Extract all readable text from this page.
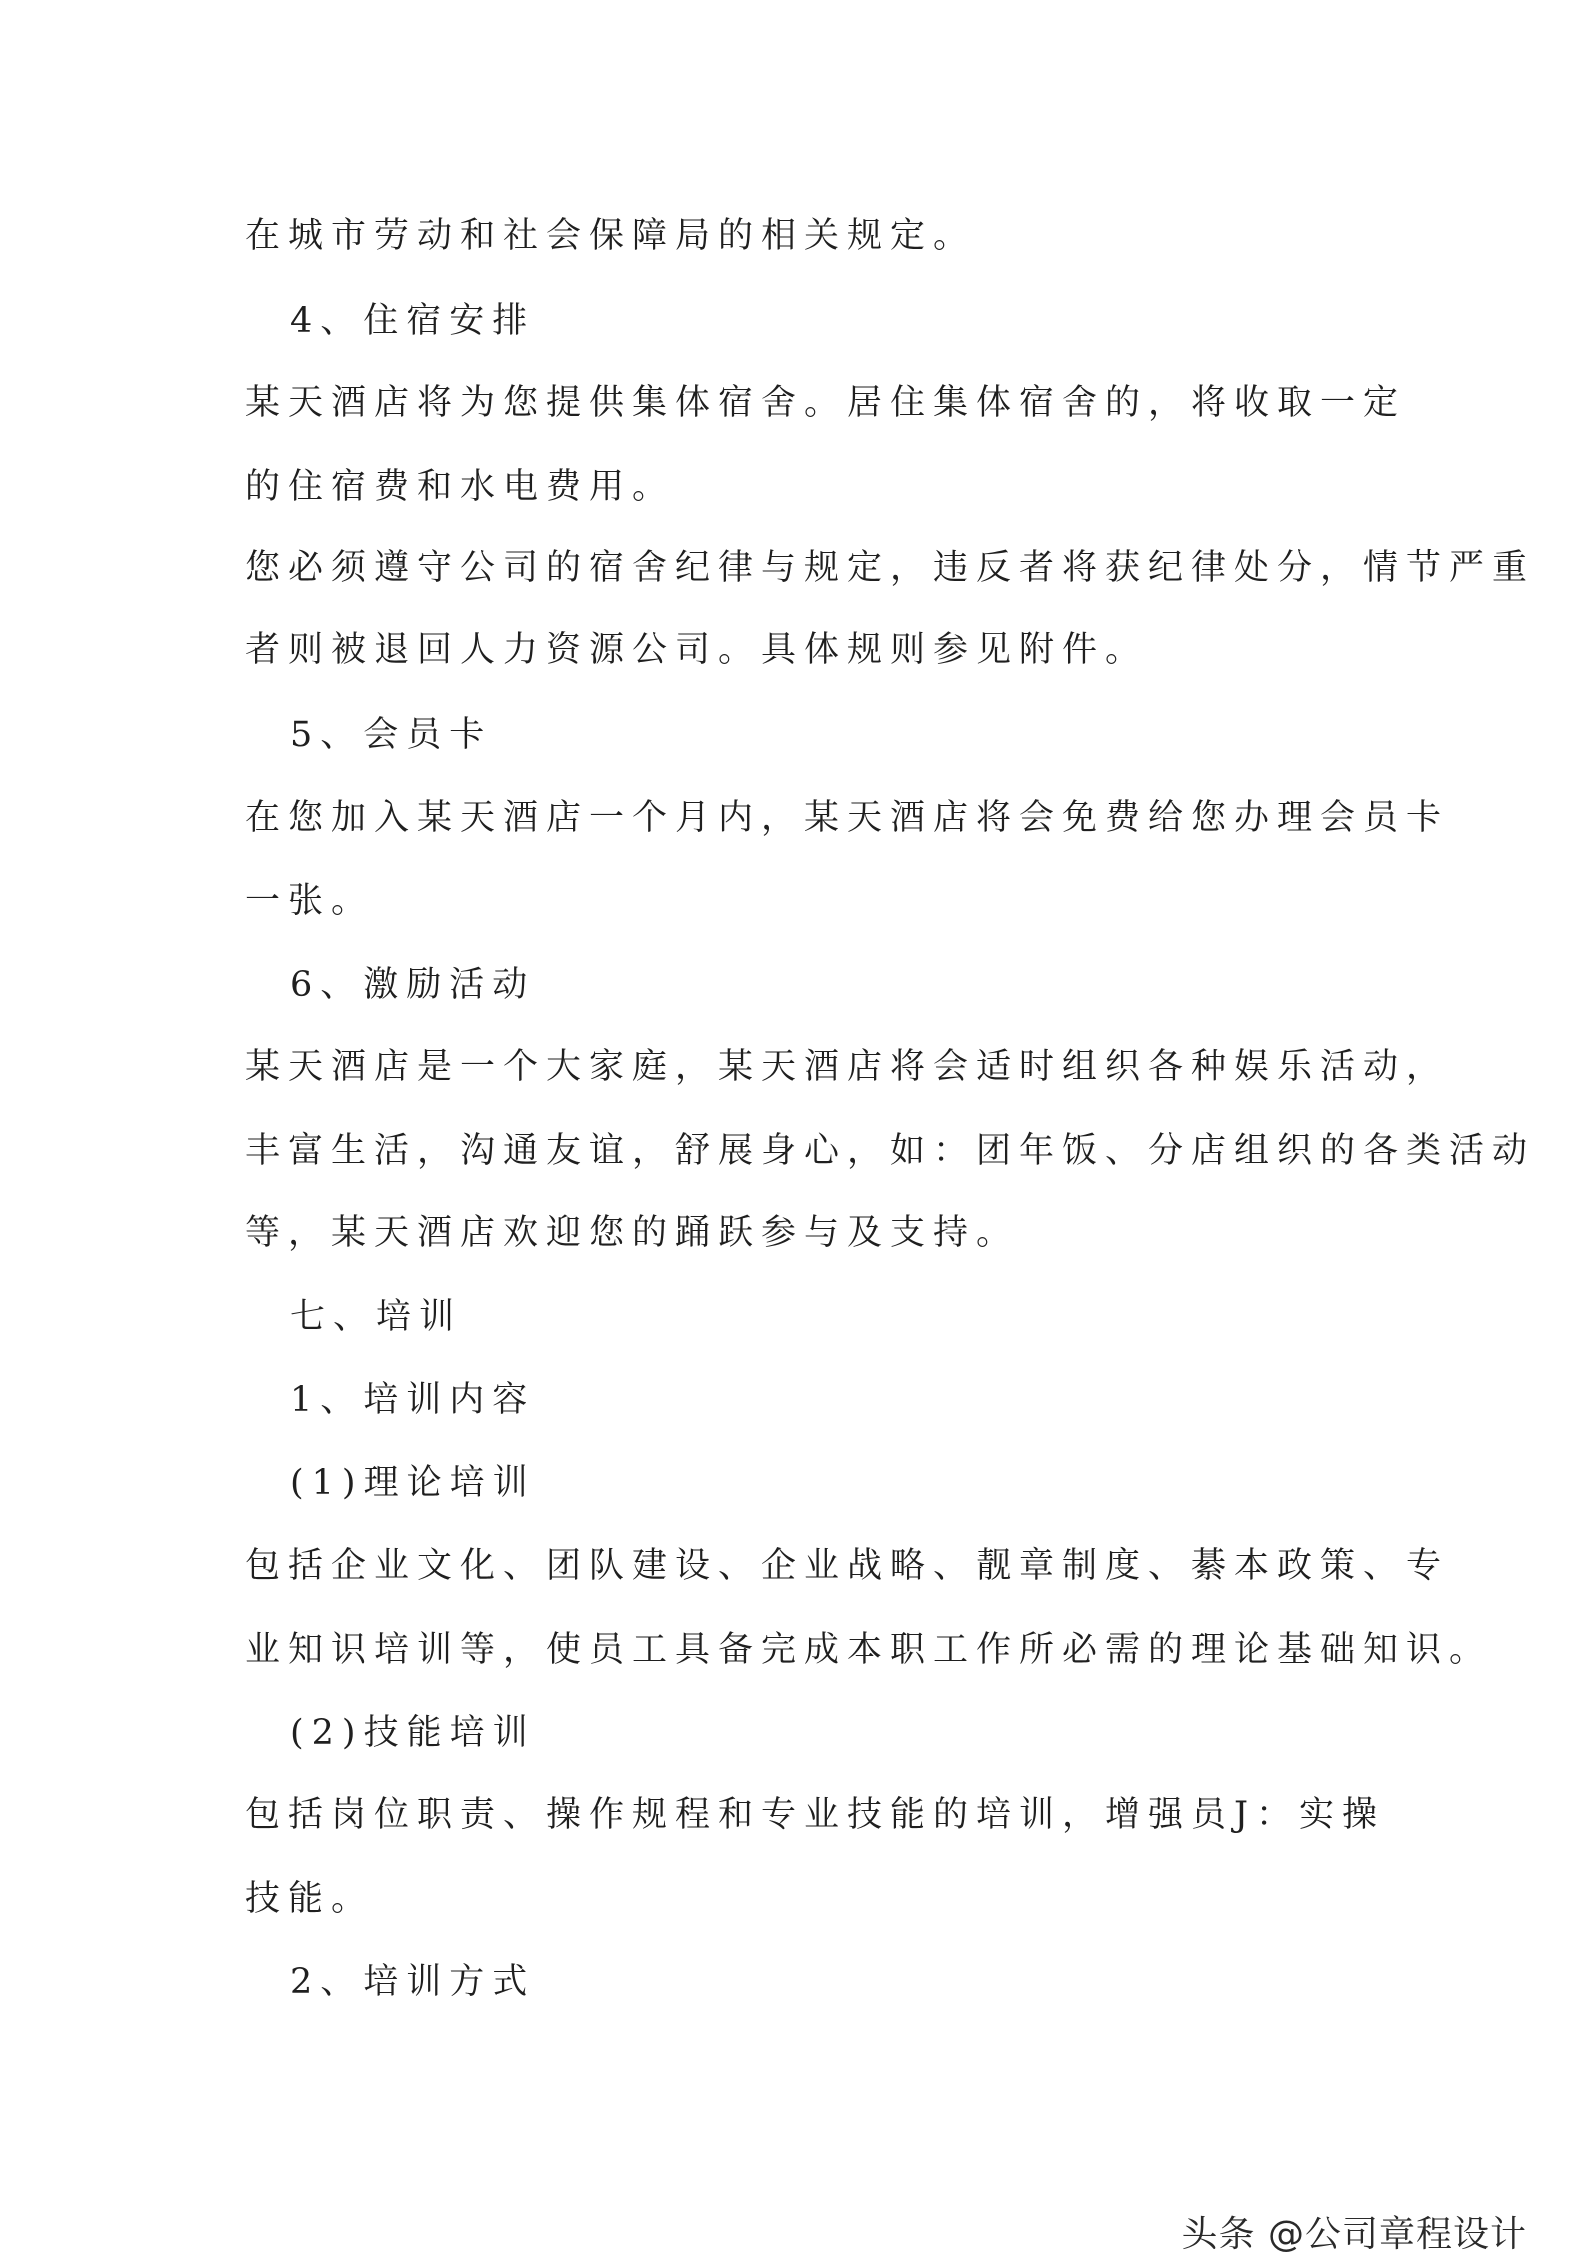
在城市劳动和社会保障局的相关规定。
4、住宿安排
某天酒店将为您提供集体宿舍。居住集体宿舍的，将收取一定
的住宿费和水电费用。
您必须遵守公司的宿舍纪律与规定，违反者将获纪律处分，情节严重
者则被退回人力资源公司。具体规则参见附件。
5、会员卡
在您加入某天酒店一个月内，某天酒店将会免费给您办理会员卡
一张。
6、激励活动
某天酒店是一个大家庭，某天酒店将会适时组织各种娱乐活动，
丰富生活，沟通友谊，舒展身心，如：团年饭、分店组织的各类活动
等，某天酒店欢迎您的踊跃参与及支持。
七、培训
1、培训内容
(1)理论培训
包括企业文化、团队建设、企业战略、靓章制度、綦本政策、专
业知识培训等，使员工具备完成本职工作所必需的理论基础知识。
(2)技能培训
包括岗位职责、操作规程和专业技能的培训，增强员J：实操
技能。
2、培训方式
头条 @公司章程设计
